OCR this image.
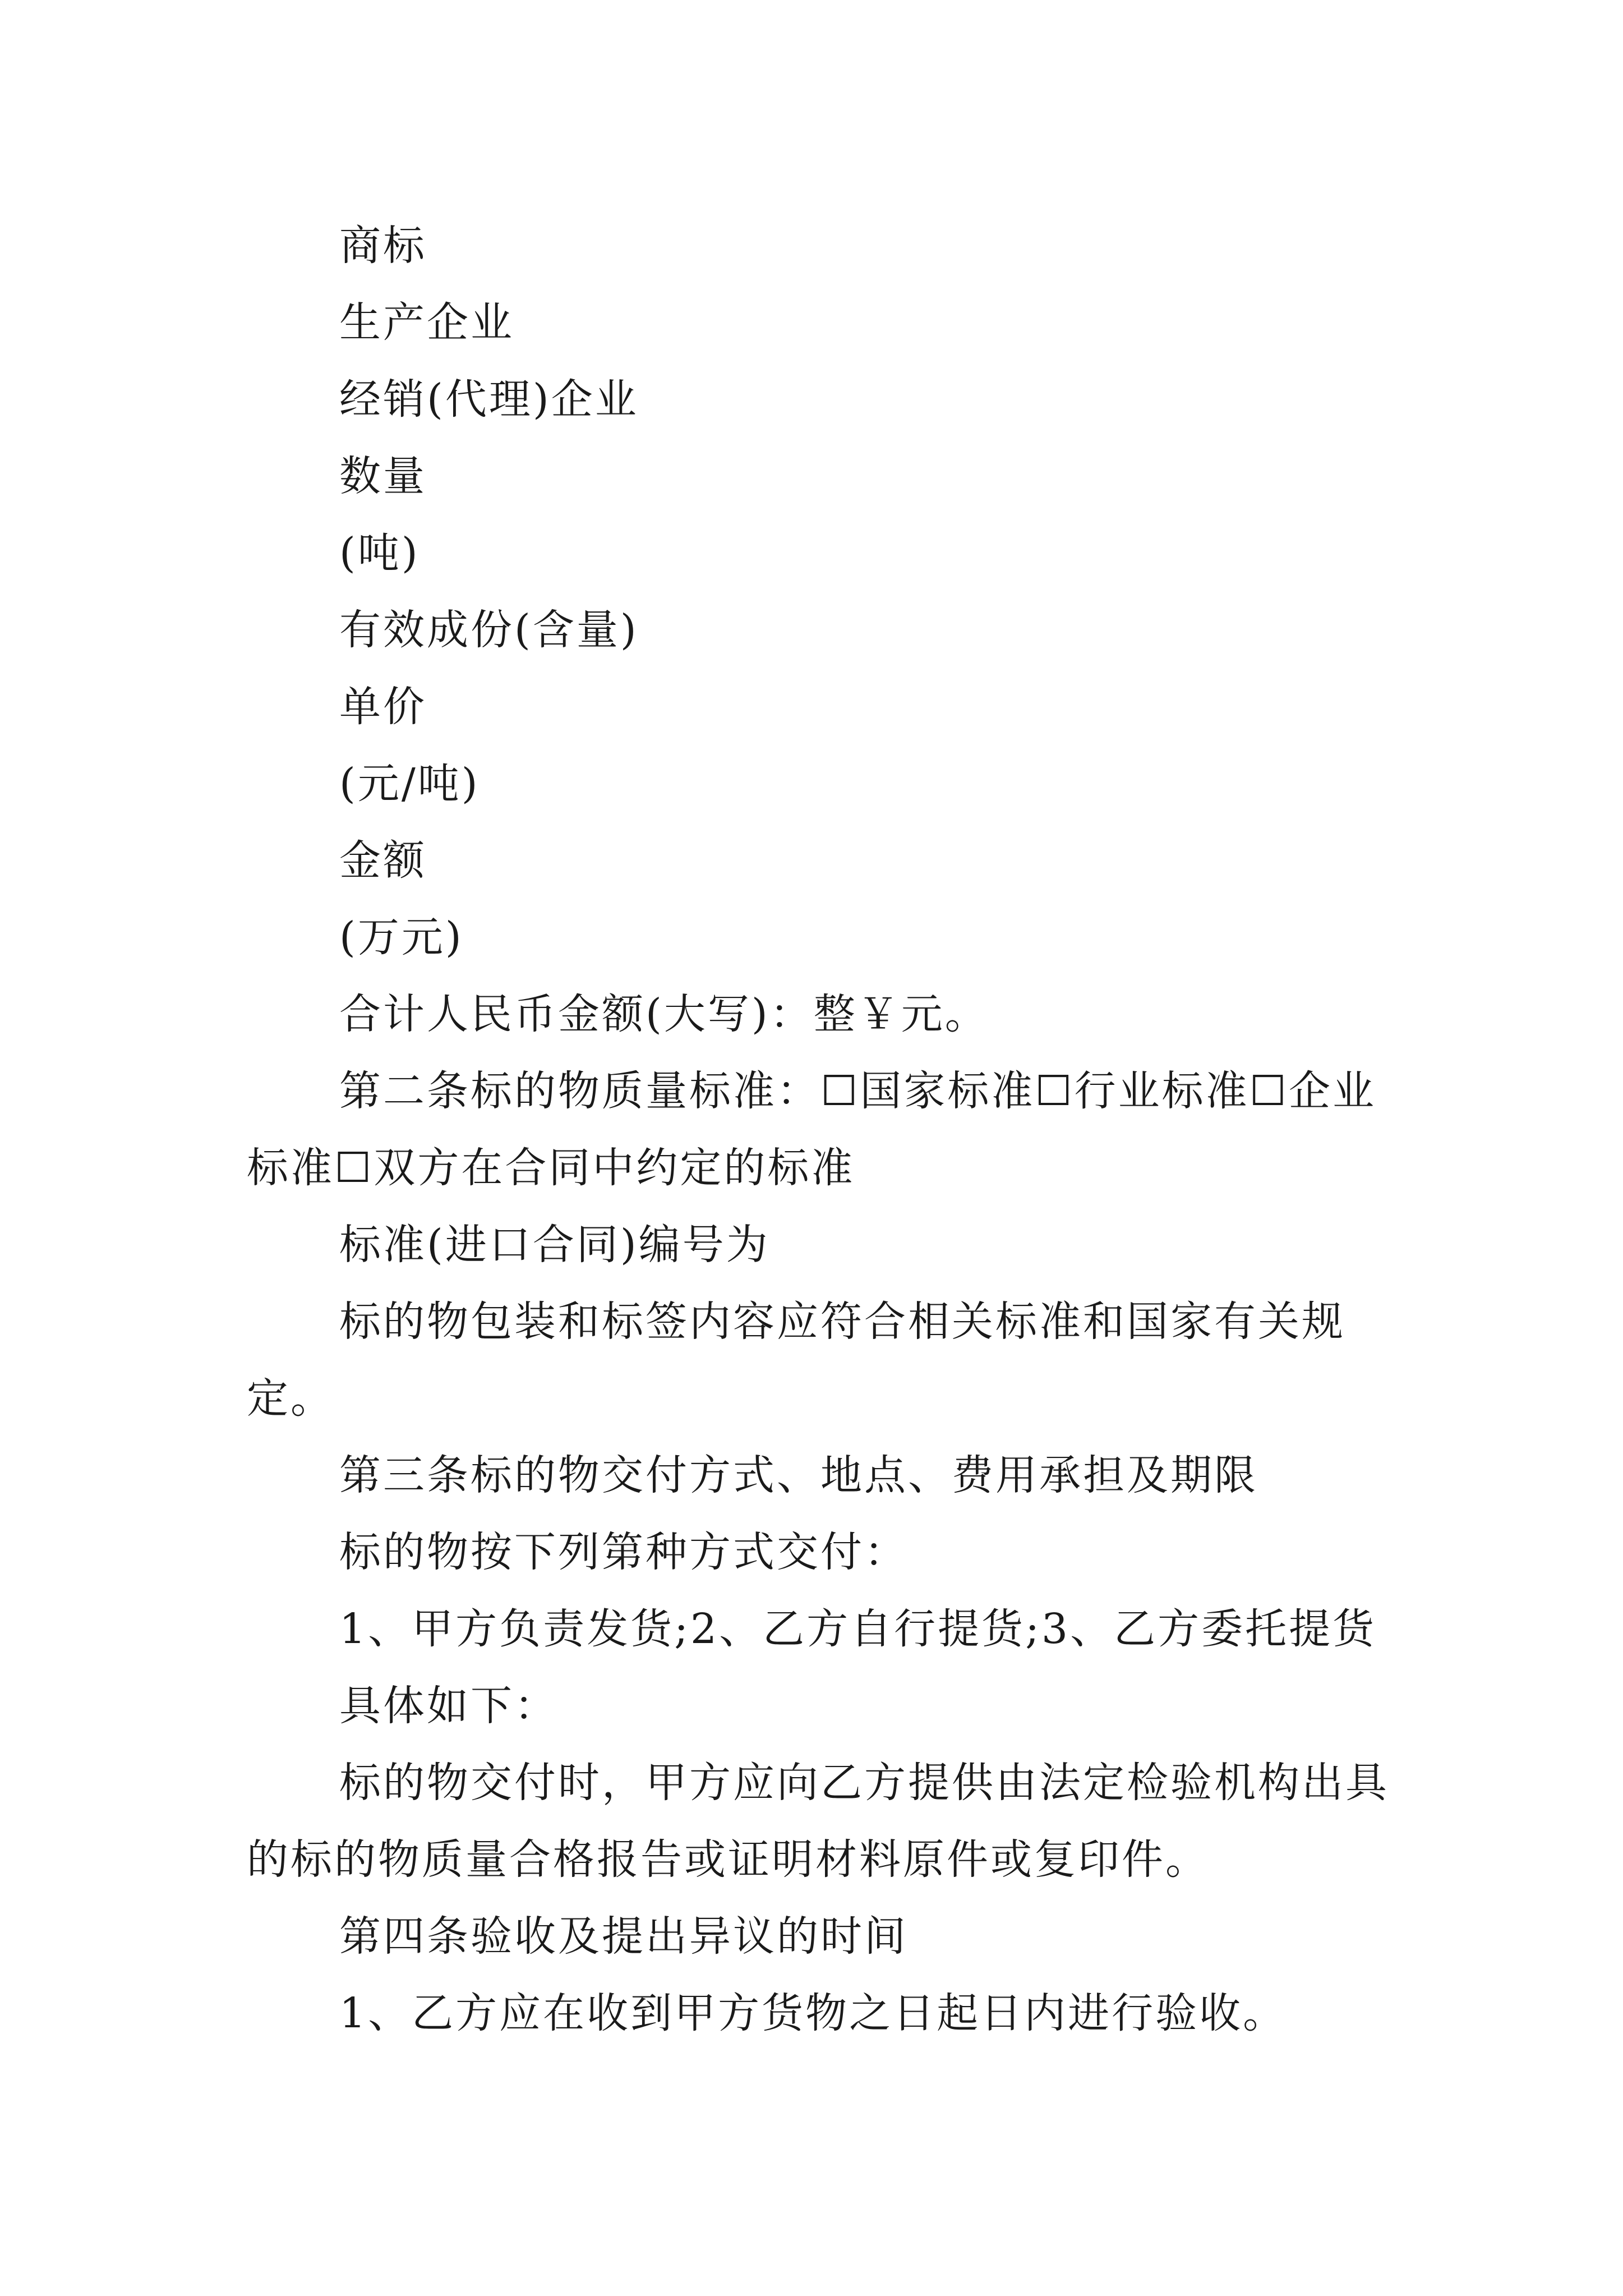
商标
生产企业
经销(代理)企业
数量
(吨)
有效成份(含量)
单价
(元/吨)
金额
(万元)
合计人民币金额(大写)：整￥元。
第二条标的物质量标准：☐国家标准☐行业标准☐企业
标准☐双方在合同中约定的标准
标准(进口合同)编号为
标的物包装和标签内容应符合相关标准和国家有关规
定。
第三条标的物交付方式、地点、费用承担及期限
标的物按下列第种方式交付：
1、甲方负责发货;2、乙方自行提货;3、乙方委托提货
具体如下：
标的物交付时，甲方应向乙方提供由法定检验机构出具
的标的物质量合格报告或证明材料原件或复印件。
第四条验收及提出异议的时间
1、乙方应在收到甲方货物之日起日内进行验收。
